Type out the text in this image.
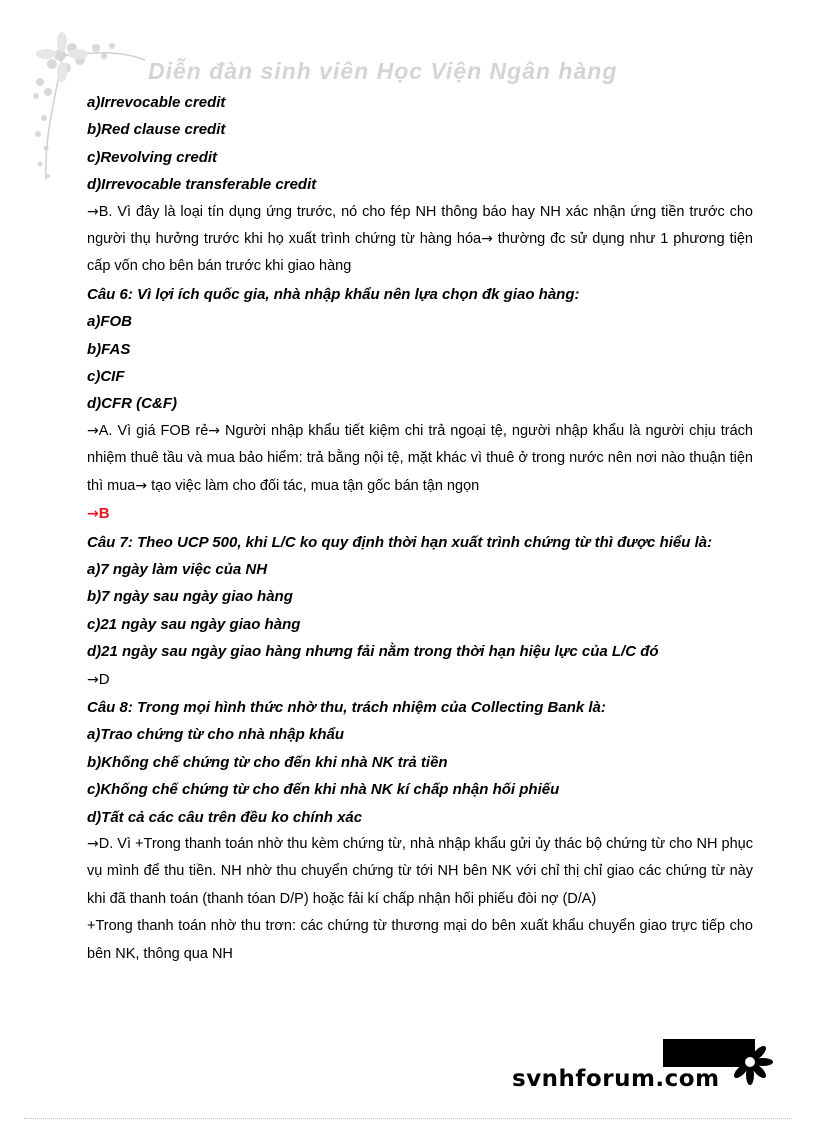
Diễn đàn sinh viên Học Viện Ngân hàng
a)Irrevocable credit
b)Red clause credit
c)Revolving credit
d)Irrevocable transferable credit
→B. Vì đây là loại tín dụng ứng trước, nó cho fép NH thông báo hay NH xác nhận ứng tiền trước cho người thụ hưởng trước khi họ xuất trình chứng từ hàng hóa→ thường đc sử dụng như 1 phương tiện cấp vốn cho bên bán trước khi giao hàng
Câu 6: Vì lợi ích quốc gia, nhà nhập khẩu nên lựa chọn đk giao hàng:
a)FOB
b)FAS
c)CIF
d)CFR (C&F)
→A. Vì giá FOB rẻ→ Người nhập khẩu tiết kiệm chi trả ngoại tệ, người nhập khẩu là người chịu trách nhiệm thuê tầu và mua bảo hiểm: trả bằng nội tệ, mặt khác vì thuê ở trong nước nên nơi nào thuận tiện thì mua→ tạo việc làm cho đối tác, mua tận gốc bán tận ngọn
→B
Câu 7: Theo UCP 500, khi L/C ko quy định thời hạn xuất trình chứng từ thì được hiểu là:
a)7 ngày làm việc của NH
b)7 ngày sau ngày giao hàng
c)21 ngày sau ngày giao hàng
d)21 ngày sau ngày giao hàng nhưng fải nằm trong thời hạn hiệu lực của L/C đó
→D
Câu 8: Trong mọi hình thức nhờ thu, trách nhiệm của Collecting Bank là:
a)Trao chứng từ cho nhà nhập khẩu
b)Khống chế chứng từ cho đến khi nhà NK trả tiền
c)Khống chế chứng từ cho đến khi nhà NK kí chấp nhận hối phiếu
d)Tất cả các câu trên đều ko chính xác
→D. Vì +Trong thanh toán nhờ thu kèm chứng từ, nhà nhập khẩu gửi ủy thác bộ chứng từ cho NH phục vụ mình để thu tiền. NH nhờ thu chuyển chứng từ tới NH bên NK với chỉ thị chỉ giao các chứng từ này khi đã thanh toán (thanh tóan D/P) hoặc fải kí chấp nhận hối phiếu đòi nợ (D/A)
+Trong thanh toán nhờ thu trơn: các chứng từ thương mại do bên xuất khẩu chuyển giao trực tiếp cho bên NK, thông qua NH
svnhforum.com
